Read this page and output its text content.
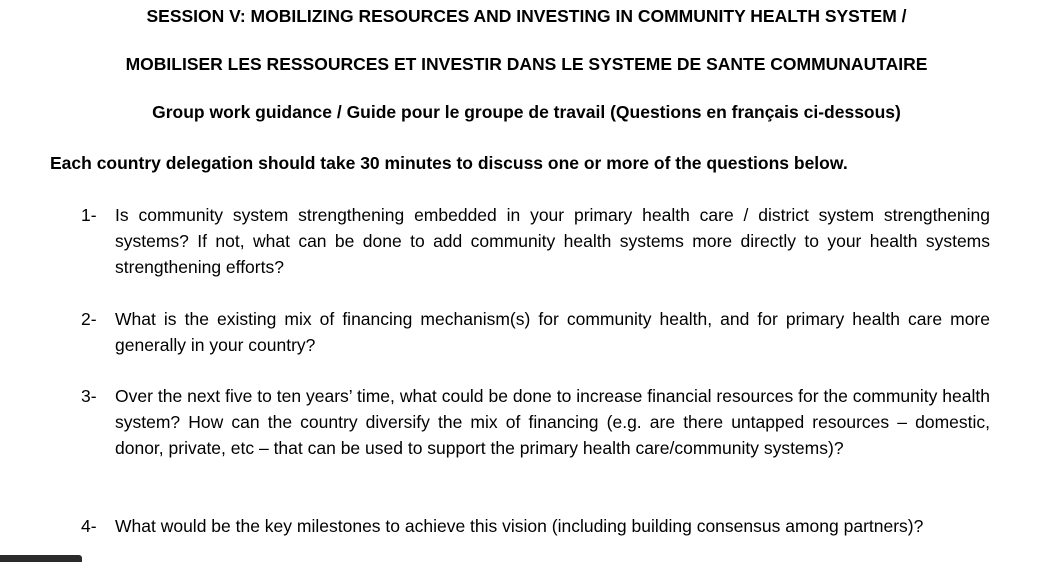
SESSION V: MOBILIZING RESOURCES AND INVESTING IN COMMUNITY HEALTH SYSTEM /
MOBILISER LES RESSOURCES ET INVESTIR DANS LE SYSTEME DE SANTE COMMUNAUTAIRE
Group work guidance / Guide pour le groupe de travail (Questions en français ci-dessous)
Each country delegation should take 30 minutes to discuss one or more of the questions below.
1-	Is community system strengthening embedded in your primary health care / district system strengthening systems? If not, what can be done to add community health systems more directly to your health systems strengthening efforts?
2-	What is the existing mix of financing mechanism(s) for community health, and for primary health care more generally in your country?
3-	Over the next five to ten years’ time, what could be done to increase financial resources for the community health system? How can the country diversify the mix of financing (e.g. are there untapped resources – domestic, donor, private, etc – that can be used to support the primary health care/community systems)?
4-	What would be the key milestones to achieve this vision (including building consensus among partners)?
